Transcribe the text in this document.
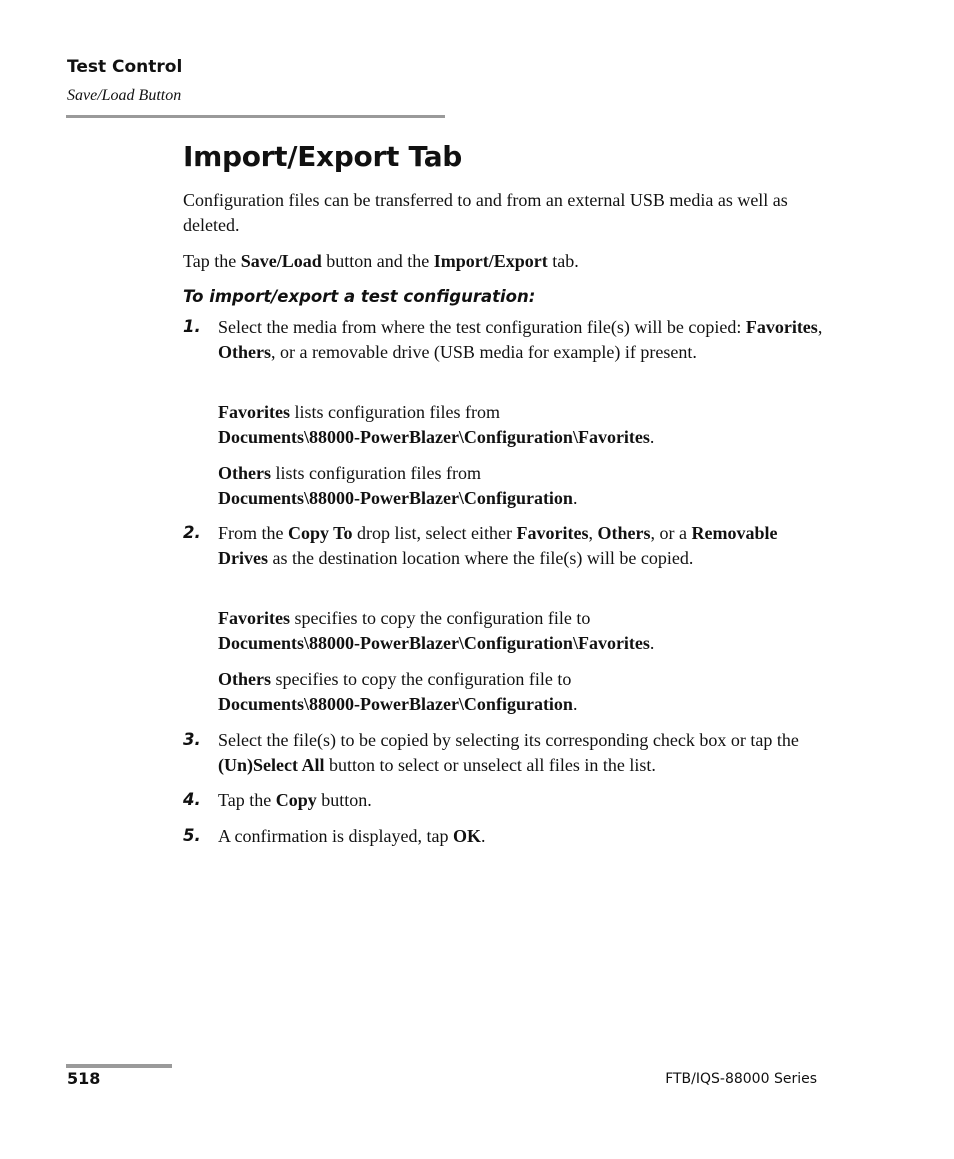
Test Control
Save/Load Button
Import/Export Tab
Configuration files can be transferred to and from an external USB media as well as deleted.
Tap the Save/Load button and the Import/Export tab.
To import/export a test configuration:
1. Select the media from where the test configuration file(s) will be copied: Favorites, Others, or a removable drive (USB media for example) if present.
Favorites lists configuration files from
Documents\88000-PowerBlazer\Configuration\Favorites.
Others lists configuration files from
Documents\88000-PowerBlazer\Configuration.
2. From the Copy To drop list, select either Favorites, Others, or a Removable Drives as the destination location where the file(s) will be copied.
Favorites specifies to copy the configuration file to
Documents\88000-PowerBlazer\Configuration\Favorites.
Others specifies to copy the configuration file to
Documents\88000-PowerBlazer\Configuration.
3. Select the file(s) to be copied by selecting its corresponding check box or tap the (Un)Select All button to select or unselect all files in the list.
4. Tap the Copy button.
5. A confirmation is displayed, tap OK.
518	FTB/IQS-88000 Series
